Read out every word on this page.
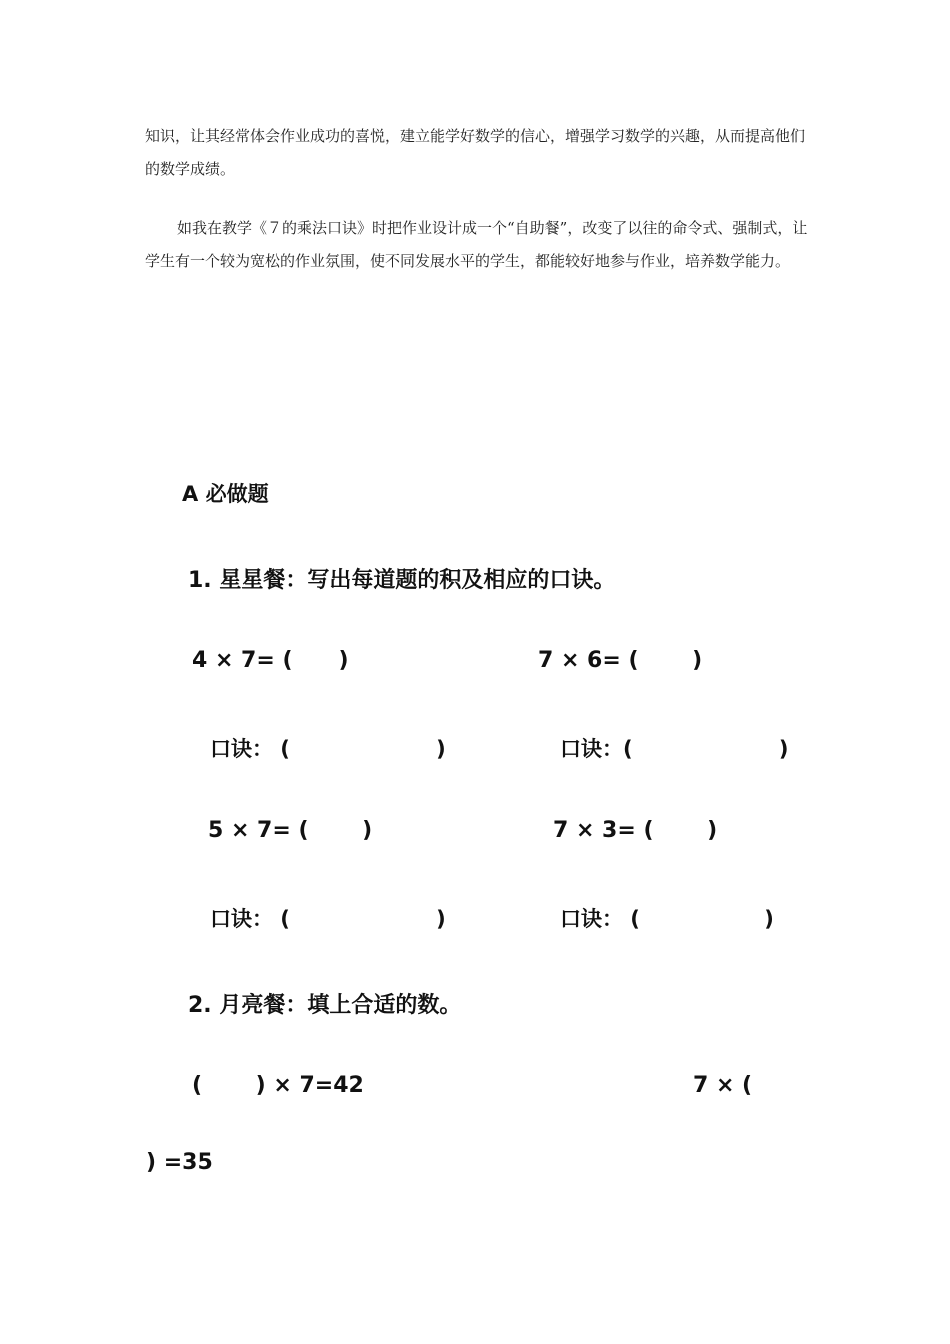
知识，让其经常体会作业成功的喜悦，建立能学好数学的信心，增强学习数学的兴趣，从而提高他们的数学成绩。

如我在教学《７的乘法口诀》时把作业设计成一个“自助餐”，改变了以往的命令式、强制式，让学生有一个较为宽松的作业氛围，使不同发展水平的学生，都能较好地参与作业，培养数学能力。

A 必做题
1. 星星餐：写出每道题的积及相应的口诀。
4 × 7= (      )	7 × 6= (       )
口诀： (                    )	口诀：(                    )
5 × 7= (       )	7 × 3= (       )
口诀： (                    )	口诀： (                 )
2. 月亮餐：填上合适的数。
(       ) × 7=42	7 × (
) =35
